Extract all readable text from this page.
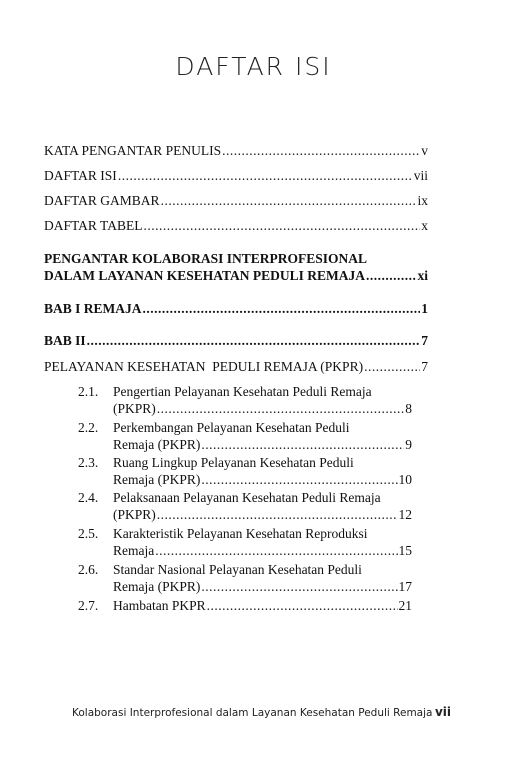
DAFTAR ISI
KATA PENGANTAR PENULIS .....	v
DAFTAR ISI .....	vii
DAFTAR GAMBAR .....	ix
DAFTAR TABEL .....	x
PENGANTAR KOLABORASI INTERPROFESIONAL
DALAM LAYANAN KESEHATAN PEDULI REMAJA .....	xi
BAB I REMAJA .....	1
BAB II .....	7
PELAYANAN KESEHATAN  PEDULI REMAJA (PKPR) .....	7
2.1.	Pengertian Pelayanan Kesehatan Peduli Remaja
(PKPR) .....	8
2.2.	Perkembangan Pelayanan Kesehatan Peduli
Remaja (PKPR) .....	9
2.3.	Ruang Lingkup Pelayanan Kesehatan Peduli
Remaja (PKPR) .....	10
2.4.	Pelaksanaan Pelayanan Kesehatan Peduli Remaja
(PKPR) .....	12
2.5.	Karakteristik Pelayanan Kesehatan Reproduksi
Remaja .....	15
2.6.	Standar Nasional Pelayanan Kesehatan Peduli
Remaja (PKPR) .....	17
2.7.	Hambatan PKPR .....	21
Kolaborasi Interprofesional dalam Layanan Kesehatan Peduli Remaja vii
